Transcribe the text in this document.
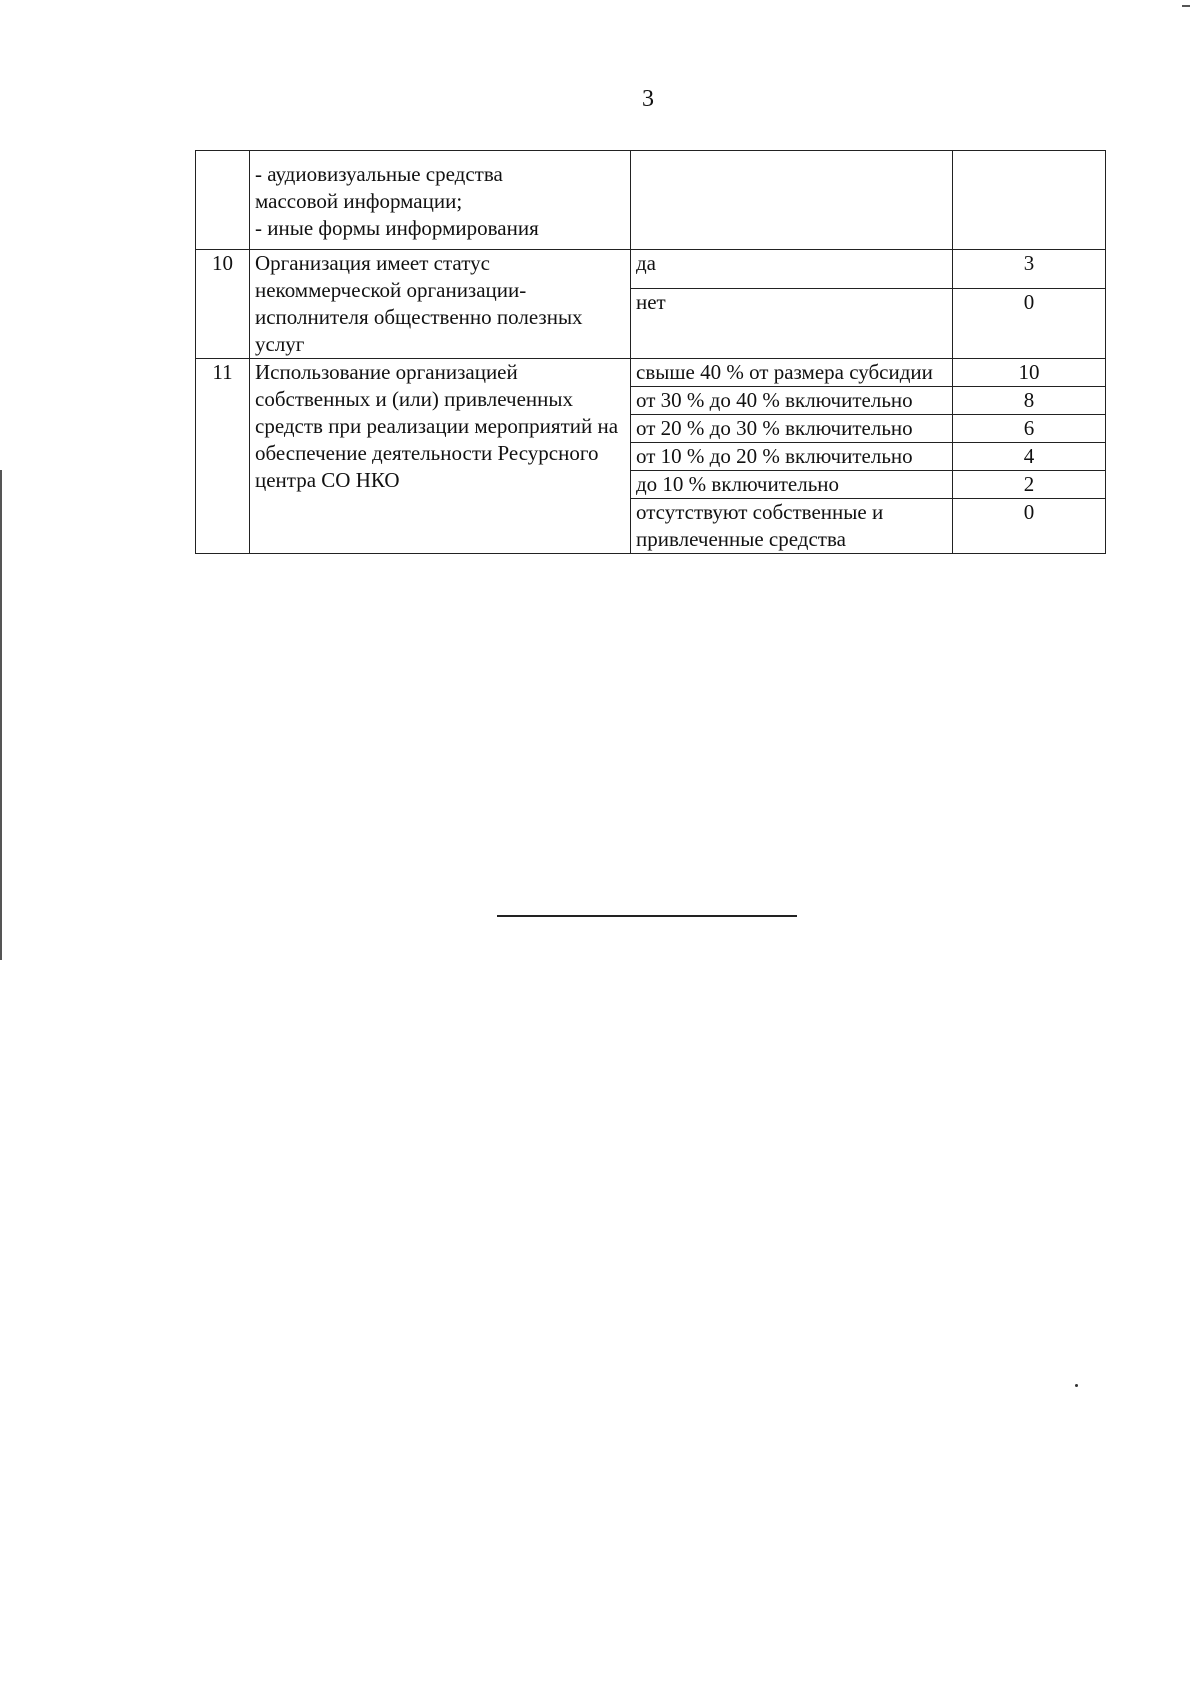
3

	- аудиовизуальные средства
массовой информации;
- иные формы информирования		

10	Организация имеет статус некоммерческой организации-исполнителя общественно полезных услуг	да	3
		нет	0
11	Использование организацией собственных и (или) привлеченных средств при реализации мероприятий на обеспечение деятельности Ресурсного центра СО НКО	свыше 40 % от размера субсидии	10
		от 30 % до 40 % включительно	8
		от 20 % до 30 % включительно	6
		от 10 % до 20 % включительно	4
		до 10 % включительно	2
		отсутствуют собственные и привлеченные средства	0
